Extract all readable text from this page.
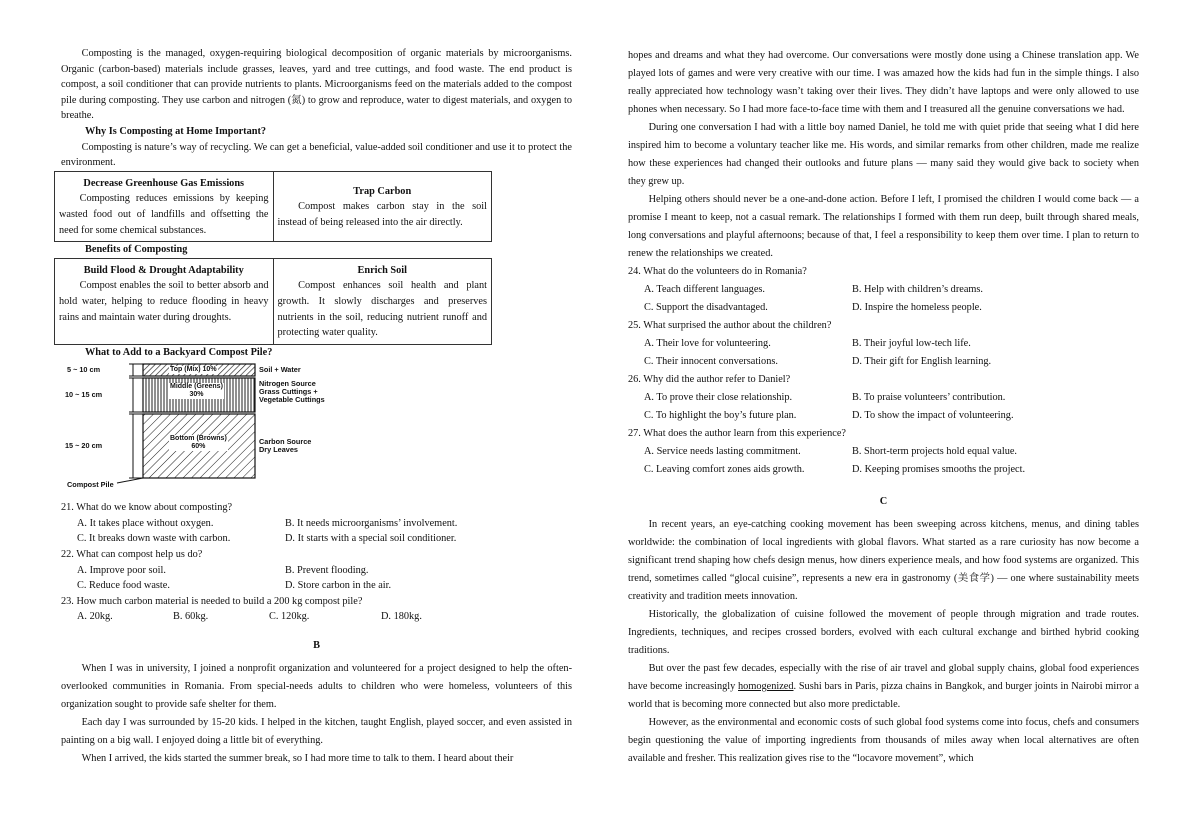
Composting is the managed, oxygen-requiring biological decomposition of organic materials by microorganisms. Organic (carbon-based) materials include grasses, leaves, yard and tree cuttings, and food waste. The end product is compost, a soil conditioner that can provide nutrients to plants. Microorganisms feed on the materials added to the compost pile during composting. They use carbon and nitrogen (氮) to grow and reproduce, water to digest materials, and oxygen to breathe.

Why Is Composting at Home Important?

Composting is nature’s way of recycling. We can get a beneficial, value-added soil conditioner and use it to protect the environment.

Decrease Greenhouse Gas Emissions

Composting reduces emissions by keeping wasted food out of landfills and offsetting the need for some chemical substances.

Trap Carbon

Compost makes carbon stay in the soil instead of being released into the air directly.

Benefits of Composting

Build Flood & Drought Adaptability

Compost enables the soil to better absorb and hold water, helping to reduce flooding in heavy rains and maintain water during droughts.

Enrich Soil

Compost enhances soil health and plant growth. It slowly discharges and preserves nutrients in the soil, reducing nutrient runoff and protecting water quality.

What to Add to a Backyard Compost Pile?

5 ~ 10 cm
10 ~ 15 cm
15 ~ 20 cm
Top (Mix) 10%
Middle (Greens)
30%
Bottom (Browns)
60%
Soil + Water
Nitrogen Source
Grass Cuttings +
Vegetable Cuttings
Carbon Source
Dry Leaves
Compost Pile

21. What do we know about composting?

A. It takes place without oxygen.	B. It needs microorganisms’ involvement.
C. It breaks down waste with carbon.	D. It starts with a special soil conditioner.

22. What can compost help us do?

A. Improve poor soil.	B. Prevent flooding.
C. Reduce food waste.	D. Store carbon in the air.

23. How much carbon material is needed to build a 200 kg compost pile?

A. 20kg.	B. 60kg.	C. 120kg.	D. 180kg.
B

When I was in university, I joined a nonprofit organization and volunteered for a project designed to help the often-overlooked communities in Romania. From special-needs adults to children who were homeless, volunteers of this organization sought to provide safe shelter for them.

Each day I was surrounded by 15-20 kids. I helped in the kitchen, taught English, played soccer, and even assisted in painting on a big wall. I enjoyed doing a little bit of everything.

When I arrived, the kids started the summer break, so I had more time to talk to them. I heard about their

hopes and dreams and what they had overcome. Our conversations were mostly done using a Chinese translation app. We played lots of games and were very creative with our time. I was amazed how the kids had fun in the simple things. I also really appreciated how technology wasn’t taking over their lives. They didn’t have laptops and were only allowed to use phones when necessary. So I had more face-to-face time with them and I treasured all the genuine conversations we had.

During one conversation I had with a little boy named Daniel, he told me with quiet pride that seeing what I did here inspired him to become a voluntary teacher like me. His words, and similar remarks from other children, made me realize how these experiences had changed their outlooks and future plans — many said they would give back to society when they grew up.

Helping others should never be a one-and-done action. Before I left, I promised the children I would come back — a promise I meant to keep, not a casual remark. The relationships I formed with them run deep, built through shared meals, long conversations and playful afternoons; because of that, I feel a responsibility to keep them over time. I plan to return to renew the relationships we created.

24. What do the volunteers do in Romania?

A. Teach different languages.	B. Help with children’s dreams.
C. Support the disadvantaged.	D. Inspire the homeless people.

25. What surprised the author about the children?

A. Their love for volunteering.	B. Their joyful low-tech life.
C. Their innocent conversations.	D. Their gift for English learning.

26. Why did the author refer to Daniel?

A. To prove their close relationship.	B. To praise volunteers’ contribution.
C. To highlight the boy’s future plan.	D. To show the impact of volunteering.

27. What does the author learn from this experience?

A. Service needs lasting commitment.	B. Short-term projects hold equal value.
C. Leaving comfort zones aids growth.	D. Keeping promises smooths the project.
C

In recent years, an eye-catching cooking movement has been sweeping across kitchens, menus, and dining tables worldwide: the combination of local ingredients with global flavors. What started as a rare curiosity has now become a significant trend shaping how chefs design menus, how diners experience meals, and how food systems are organized. This trend, sometimes called “glocal cuisine”, represents a new era in gastronomy (美食学) — one where sustainability meets creativity and tradition meets innovation.

Historically, the globalization of cuisine followed the movement of people through migration and trade routes. Ingredients, techniques, and recipes crossed borders, evolved with each cultural exchange and birthed hybrid cooking traditions.

But over the past few decades, especially with the rise of air travel and global supply chains, global food experiences have become increasingly homogenized. Sushi bars in Paris, pizza chains in Bangkok, and burger joints in Nairobi mirror a world that is becoming more connected but also more predictable.

However, as the environmental and economic costs of such global food systems come into focus, chefs and consumers begin questioning the value of importing ingredients from thousands of miles away when local alternatives are often available and fresher. This realization gives rise to the “locavore movement”, which
